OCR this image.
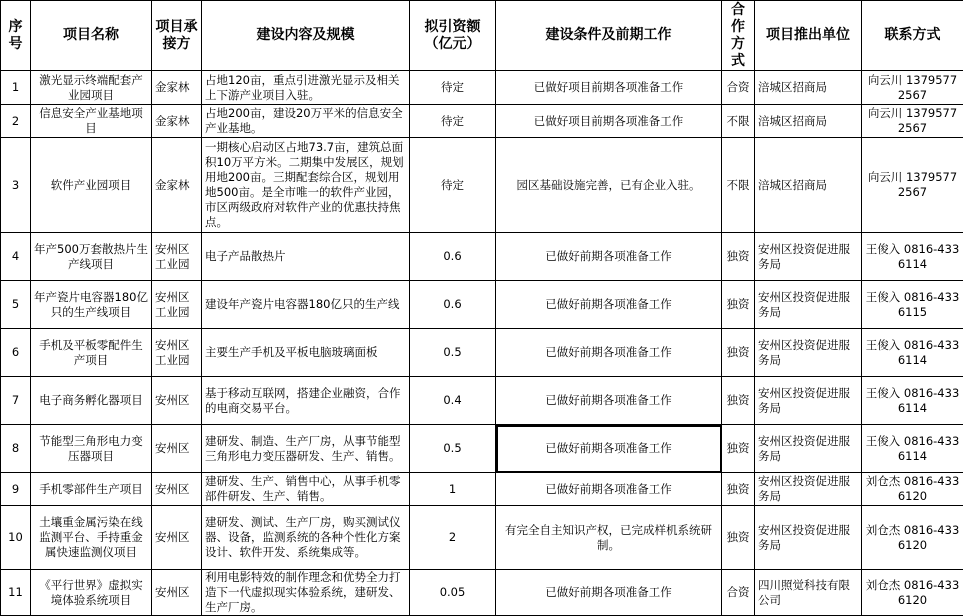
序号	项目名称	项目承接方	建设内容及规模	拟引资额（亿元）	建设条件及前期工作	合作方式	项目推出单位	联系方式
1	激光显示终端配套产业园项目	金家林	占地120亩，重点引进激光显示及相关上下游产业项目入驻。	待定	已做好项目前期各项准备工作	合资	涪城区招商局	向云川 13795772567
2	信息安全产业基地项目	金家林	占地200亩，建设20万平米的信息安全产业基地。	待定	已做好项目前期各项准备工作	不限	涪城区招商局	向云川 13795772567
3	软件产业园项目	金家林	一期核心启动区占地73.7亩，建筑总面积10万平方米。二期集中发展区，规划用地200亩。三期配套综合区，规划用地500亩。是全市唯一的软件产业园，市区两级政府对软件产业的优惠扶持焦点。	待定	园区基础设施完善，已有企业入驻。	不限	涪城区招商局	向云川 13795772567
4	年产500万套散热片生产线项目	安州区工业园	电子产品散热片	0.6	已做好前期各项准备工作	独资	安州区投资促进服务局	王俊入 0816-4336114
5	年产瓷片电容器180亿只的生产线项目	安州区工业园	建设年产瓷片电容器180亿只的生产线	0.6	已做好前期各项准备工作	独资	安州区投资促进服务局	王俊入 0816-4336115
6	手机及平板零配件生产项目	安州区工业园	主要生产手机及平板电脑玻璃面板	0.5	已做好前期各项准备工作	独资	安州区投资促进服务局	王俊入 0816-4336114
7	电子商务孵化器项目	安州区	基于移动互联网，搭建企业融资，合作的电商交易平台。	0.4	已做好前期各项准备工作	独资	安州区投资促进服务局	王俊入 0816-4336114
8	节能型三角形电力变压器项目	安州区	建研发、制造、生产厂房，从事节能型三角形电力变压器研发、生产、销售。	0.5	已做好前期各项准备工作	独资	安州区投资促进服务局	王俊入 0816-4336114
9	手机零部件生产项目	安州区	建研发、生产、销售中心，从事手机零部件研发、生产、销售。	1	已做好前期各项准备工作	独资	安州区投资促进服务局	刘仓杰 0816-4336120
10	土壤重金属污染在线监测平台、手持重金属快速监测仪项目	安州区	建研发、测试、生产厂房，购买测试仪器、设备，监测系统的各种个性化方案设计、软件开发、系统集成等。	2	有完全自主知识产权，已完成样机系统研制。	独资	安州区投资促进服务局	刘仓杰 0816-4336120
11	《平行世界》虚拟实境体验系统项目	安州区	利用电影特效的制作理念和优势全力打造下一代虚拟现实体验系统，建研发、生产厂房。	0.05	已做好前期各项准备工作	合资	四川照觉科技有限公司	刘仓杰 0816-4336120
